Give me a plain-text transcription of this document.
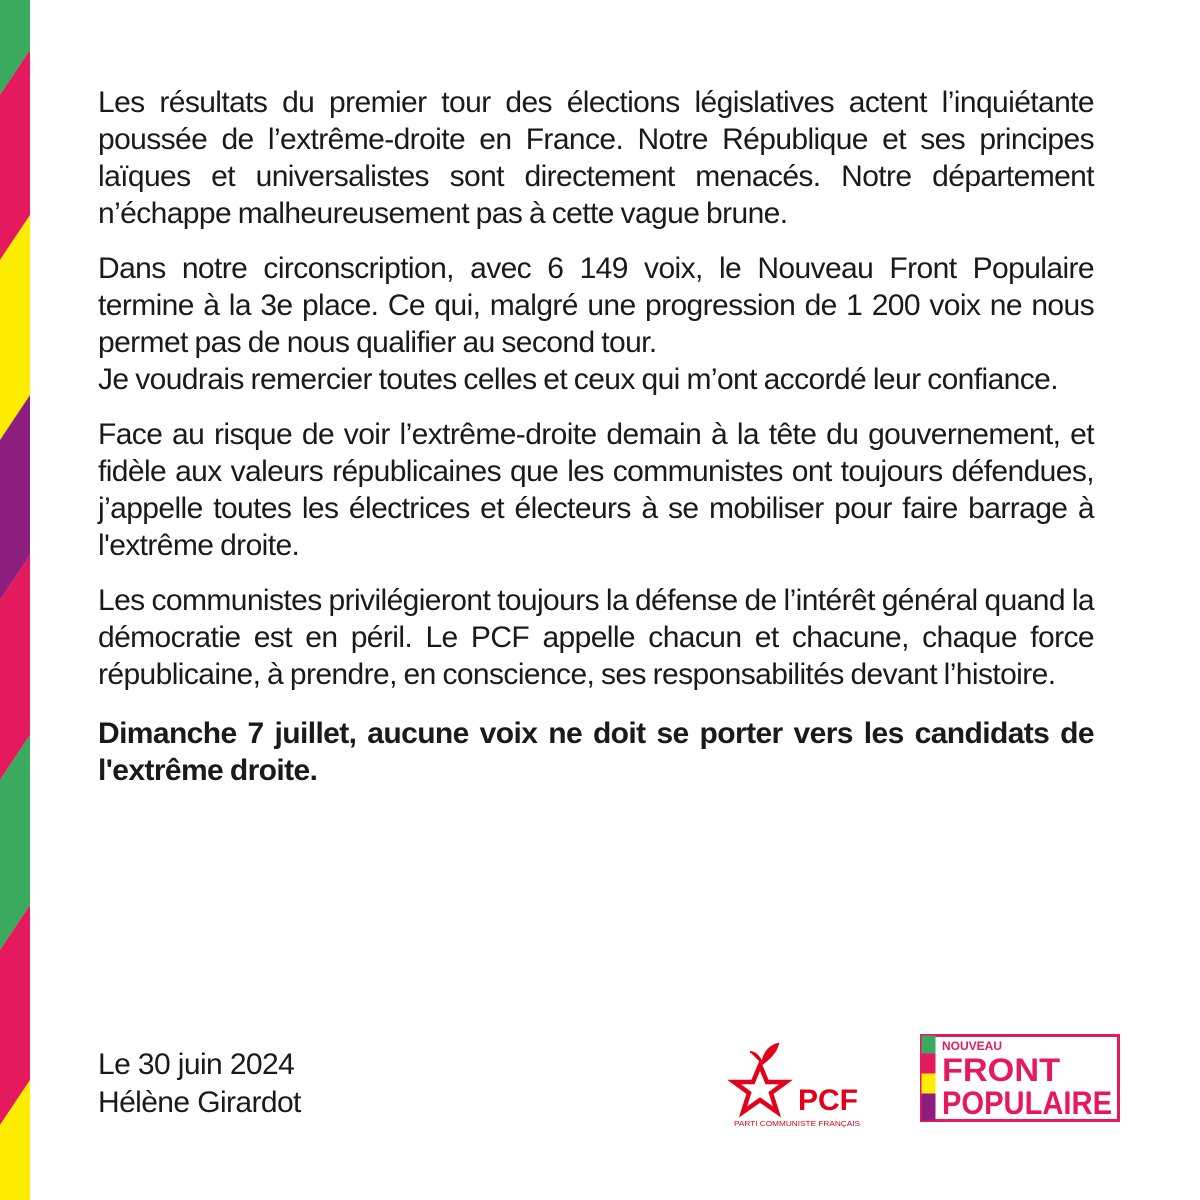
Les résultats du premier tour des élections législatives actent l’inquiétante poussée de l’extrême-droite en France. Notre République et ses principes laïques et universalistes sont directement menacés. Notre département n’échappe malheureusement pas à cette vague brune.

Dans notre circonscription, avec 6 149 voix, le Nouveau Front Populaire termine à la 3e place. Ce qui, malgré une progression de 1 200 voix ne nous permet pas de nous qualifier au second tour.

Je voudrais remercier toutes celles et ceux qui m’ont accordé leur confiance.

Face au risque de voir l’extrême-droite demain à la tête du gouvernement, et fidèle aux valeurs républicaines que les communistes ont toujours défendues, j’appelle toutes les électrices et électeurs à se mobiliser pour faire barrage à l'extrême droite.

Les communistes privilégieront toujours la défense de l’intérêt général quand la démocratie est en péril. Le PCF appelle chacun et chacune, chaque force républicaine, à prendre, en conscience, ses responsabilités devant l’histoire.

Dimanche 7 juillet, aucune voix ne doit se porter vers les candidats de l'extrême droite.

Le 30 juin 2024
Hélène Girardot	PCF
PARTI COMMUNISTE FRANÇAIS
NOUVEAU
FRONT
POPULAIRE
